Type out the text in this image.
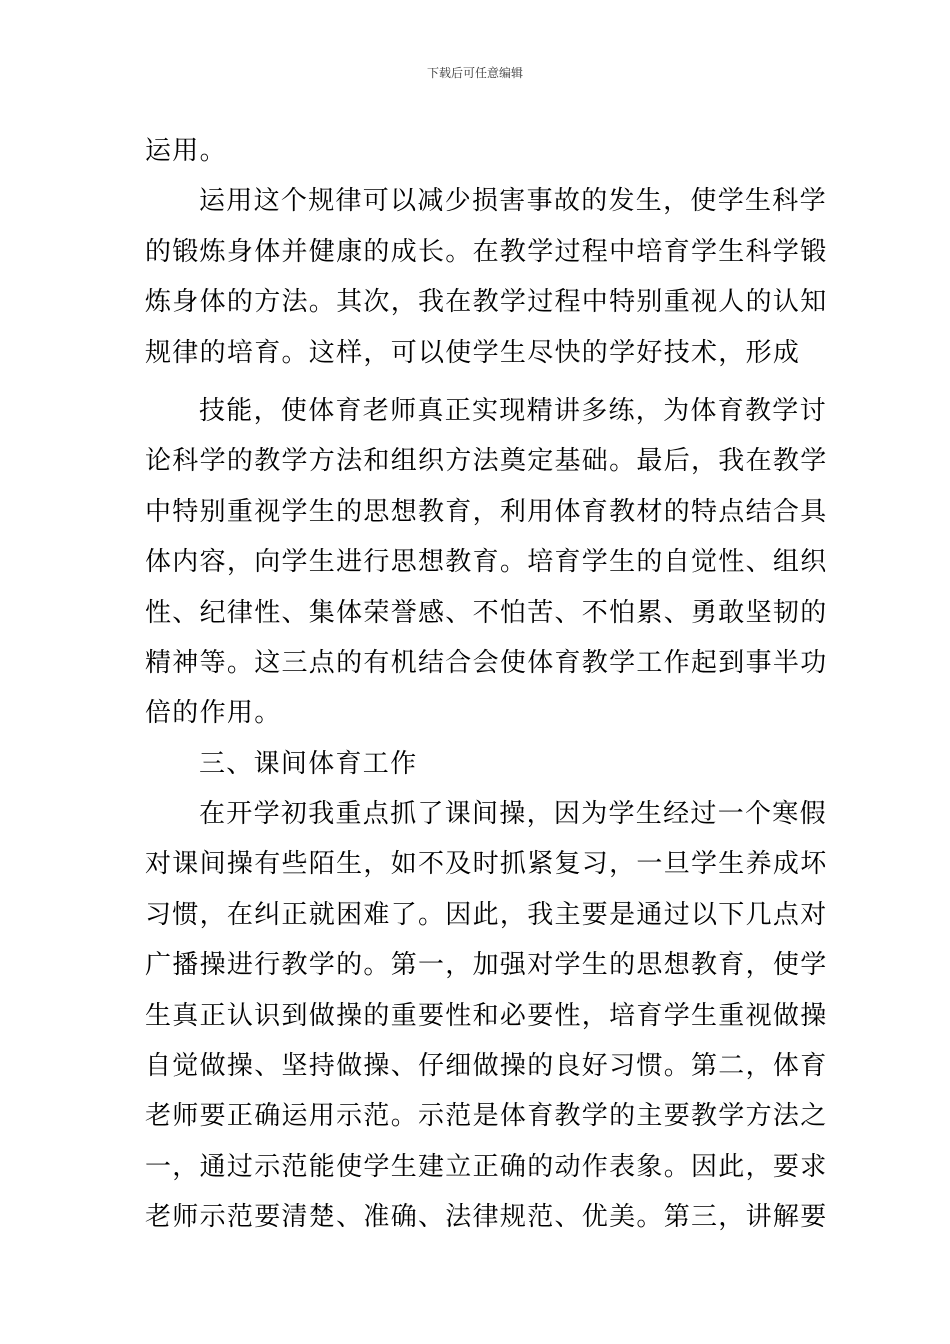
下载后可任意编辑
运用。
运用这个规律可以减少损害事故的发生，使学生科学
的锻炼身体并健康的成长。在教学过程中培育学生科学锻
炼身体的方法。其次，我在教学过程中特别重视人的认知
规律的培育。这样，可以使学生尽快的学好技术，形成
技能，使体育老师真正实现精讲多练，为体育教学讨
论科学的教学方法和组织方法奠定基础。最后，我在教学
中特别重视学生的思想教育，利用体育教材的特点结合具
体内容，向学生进行思想教育。培育学生的自觉性、组织
性、纪律性、集体荣誉感、不怕苦、不怕累、勇敢坚韧的
精神等。这三点的有机结合会使体育教学工作起到事半功
倍的作用。
三、课间体育工作
在开学初我重点抓了课间操，因为学生经过一个寒假
对课间操有些陌生，如不及时抓紧复习，一旦学生养成坏
习惯，在纠正就困难了。因此，我主要是通过以下几点对
广播操进行教学的。第一，加强对学生的思想教育，使学
生真正认识到做操的重要性和必要性，培育学生重视做操
自觉做操、坚持做操、仔细做操的良好习惯。第二，体育
老师要正确运用示范。示范是体育教学的主要教学方法之
一，通过示范能使学生建立正确的动作表象。因此，要求
老师示范要清楚、准确、法律规范、优美。第三，讲解要
